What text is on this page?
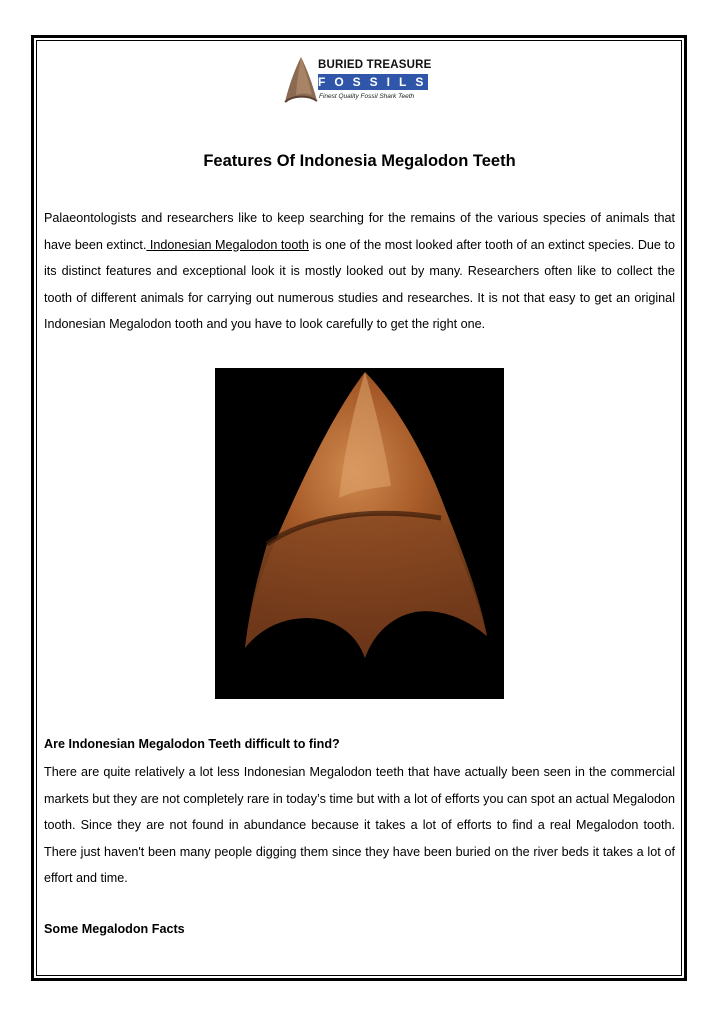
BURIED TREASURE
FOSSILS
Finest Quality Fossil Shark Teeth
Features Of Indonesia Megalodon Teeth
Palaeontologists and researchers like to keep searching for the remains of the various species of animals that have been extinct. Indonesian Megalodon tooth is one of the most looked after tooth of an extinct species. Due to its distinct features and exceptional look it is mostly looked out by many. Researchers often like to collect the tooth of different animals for carrying out numerous studies and researches. It is not that easy to get an original Indonesian Megalodon tooth and you have to look carefully to get the right one.
Are Indonesian Megalodon Teeth difficult to find?
There are quite relatively a lot less Indonesian Megalodon teeth that have actually been seen in the commercial markets but they are not completely rare in today’s time but with a lot of efforts you can spot an actual Megalodon tooth. Since they are not found in abundance because it takes a lot of efforts to find a real Megalodon tooth. There just haven't been many people digging them since they have been buried on the river beds it takes a lot of effort and time.
Some Megalodon Facts
